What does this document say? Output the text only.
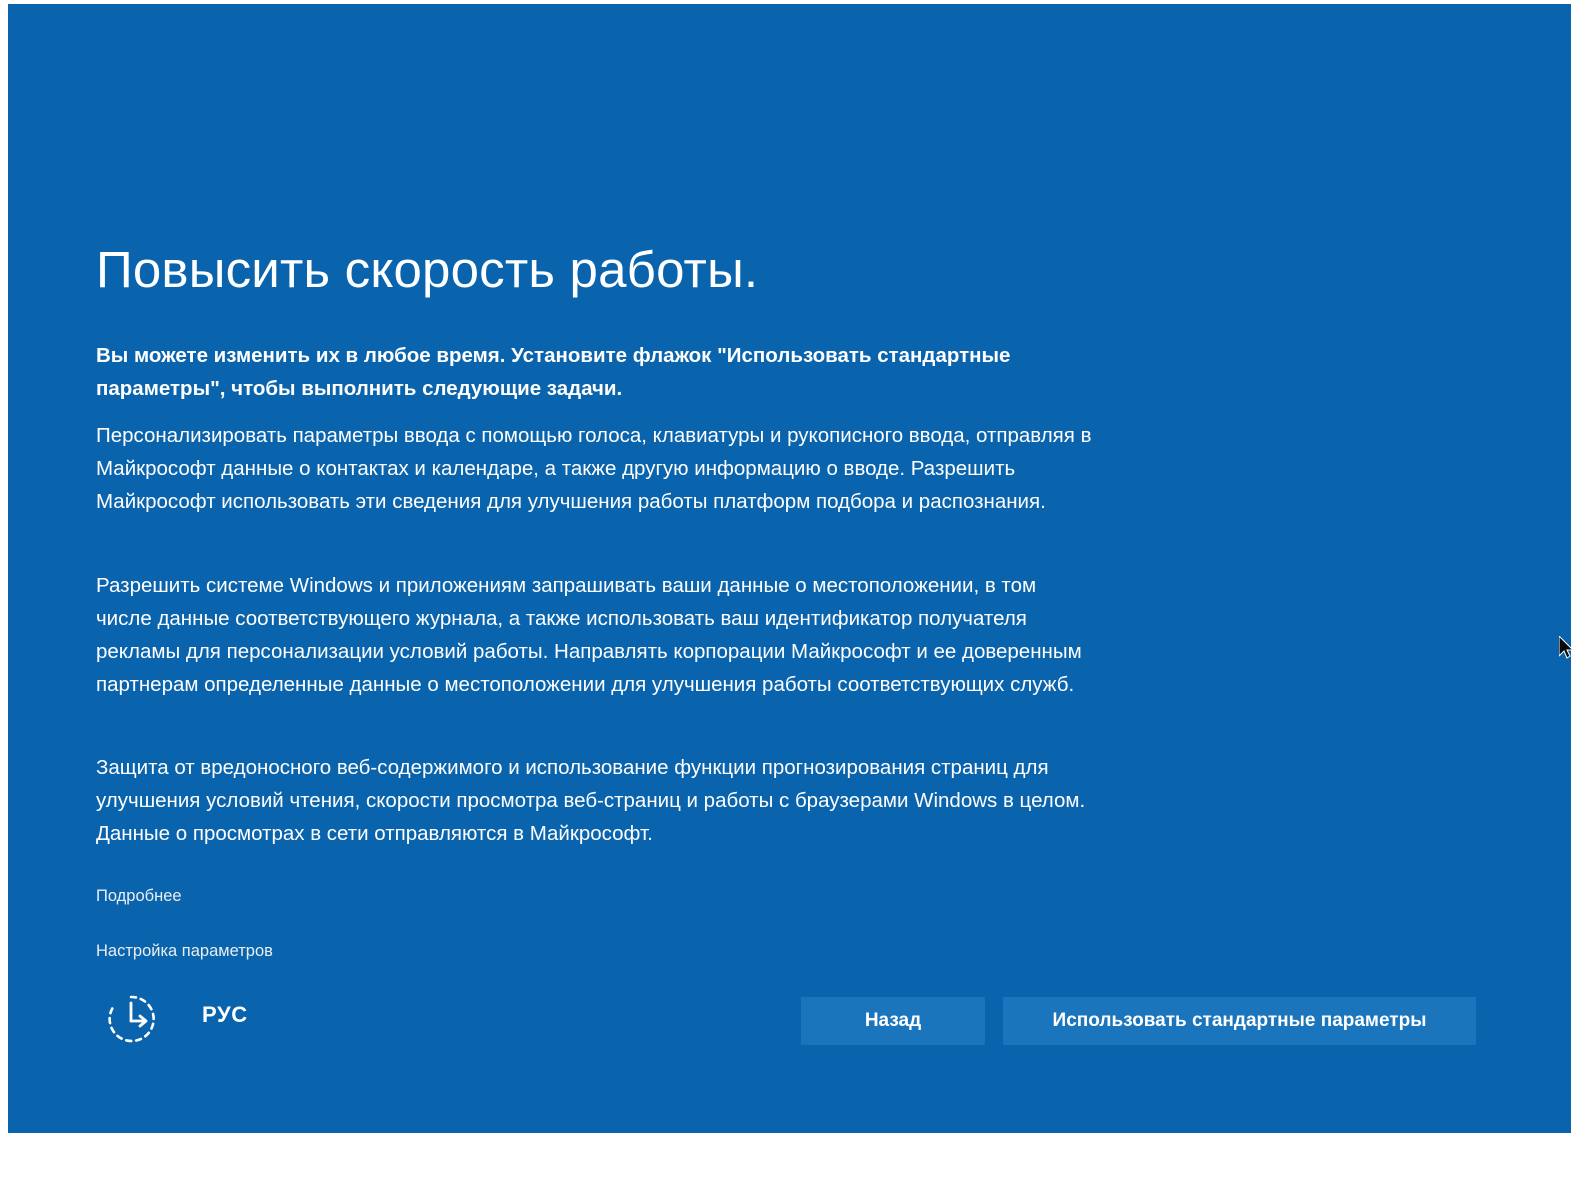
Повысить скорость работы.

Вы можете изменить их в любое время. Установите флажок "Использовать стандартные параметры", чтобы выполнить следующие задачи.

Персонализировать параметры ввода с помощью голоса, клавиатуры и рукописного ввода, отправляя в Майкрософт данные о контактах и календаре, а также другую информацию о вводе. Разрешить Майкрософт использовать эти сведения для улучшения работы платформ подбора и распознания.

Разрешить системе Windows и приложениям запрашивать ваши данные о местоположении, в том числе данные соответствующего журнала, а также использовать ваш идентификатор получателя рекламы для персонализации условий работы. Направлять корпорации Майкрософт и ее доверенным партнерам определенные данные о местоположении для улучшения работы соответствующих служб.

Защита от вредоносного веб-содержимого и использование функции прогнозирования страниц для улучшения условий чтения, скорости просмотра веб-страниц и работы с браузерами Windows в целом. Данные о просмотрах в сети отправляются в Майкрософт.

Подробнее
Настройка параметров
РУС	Назад	Использовать стандартные параметры
